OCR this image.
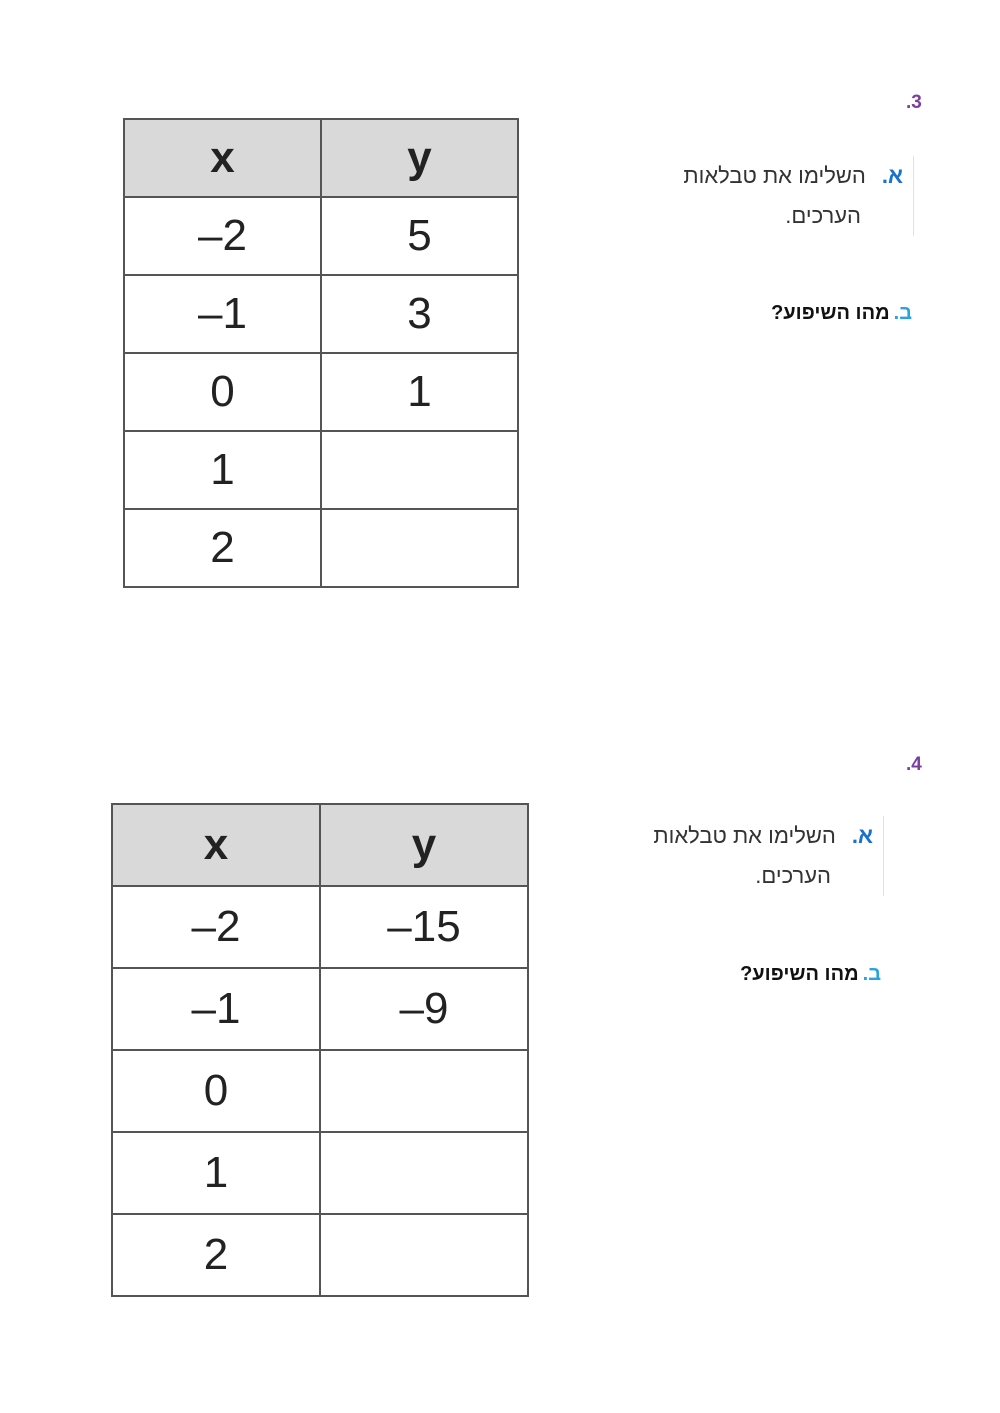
.3
x	y
–2	5
–1	3
0	1
1	
2	
א.השלימו את טבלאות
הערכים.
ב.מהו השיפוע?
.4
x	y
–2	–15
–1	–9
0	
1	
2	
א.השלימו את טבלאות
הערכים.
ב.מהו השיפוע?
